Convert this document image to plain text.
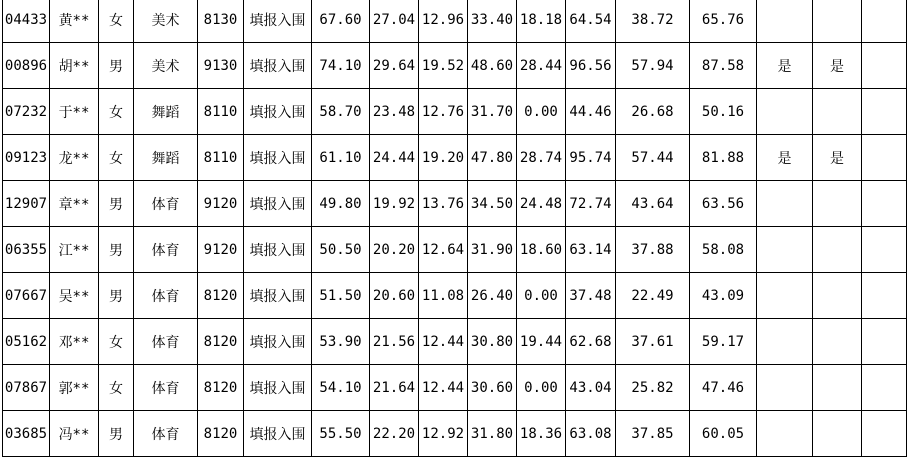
04433	黄**	女	美术	8130	填报入围	67.60	27.04	12.96	33.40	18.18	64.54	38.72	65.76			
00896	胡**	男	美术	9130	填报入围	74.10	29.64	19.52	48.60	28.44	96.56	57.94	87.58	是	是	
07232	于**	女	舞蹈	8110	填报入围	58.70	23.48	12.76	31.70	0.00	44.46	26.68	50.16			
09123	龙**	女	舞蹈	8110	填报入围	61.10	24.44	19.20	47.80	28.74	95.74	57.44	81.88	是	是	
12907	章**	男	体育	9120	填报入围	49.80	19.92	13.76	34.50	24.48	72.74	43.64	63.56			
06355	江**	男	体育	9120	填报入围	50.50	20.20	12.64	31.90	18.60	63.14	37.88	58.08			
07667	吴**	男	体育	8120	填报入围	51.50	20.60	11.08	26.40	0.00	37.48	22.49	43.09			
05162	邓**	女	体育	8120	填报入围	53.90	21.56	12.44	30.80	19.44	62.68	37.61	59.17			
07867	郭**	女	体育	8120	填报入围	54.10	21.64	12.44	30.60	0.00	43.04	25.82	47.46			
03685	冯**	男	体育	8120	填报入围	55.50	22.20	12.92	31.80	18.36	63.08	37.85	60.05			
